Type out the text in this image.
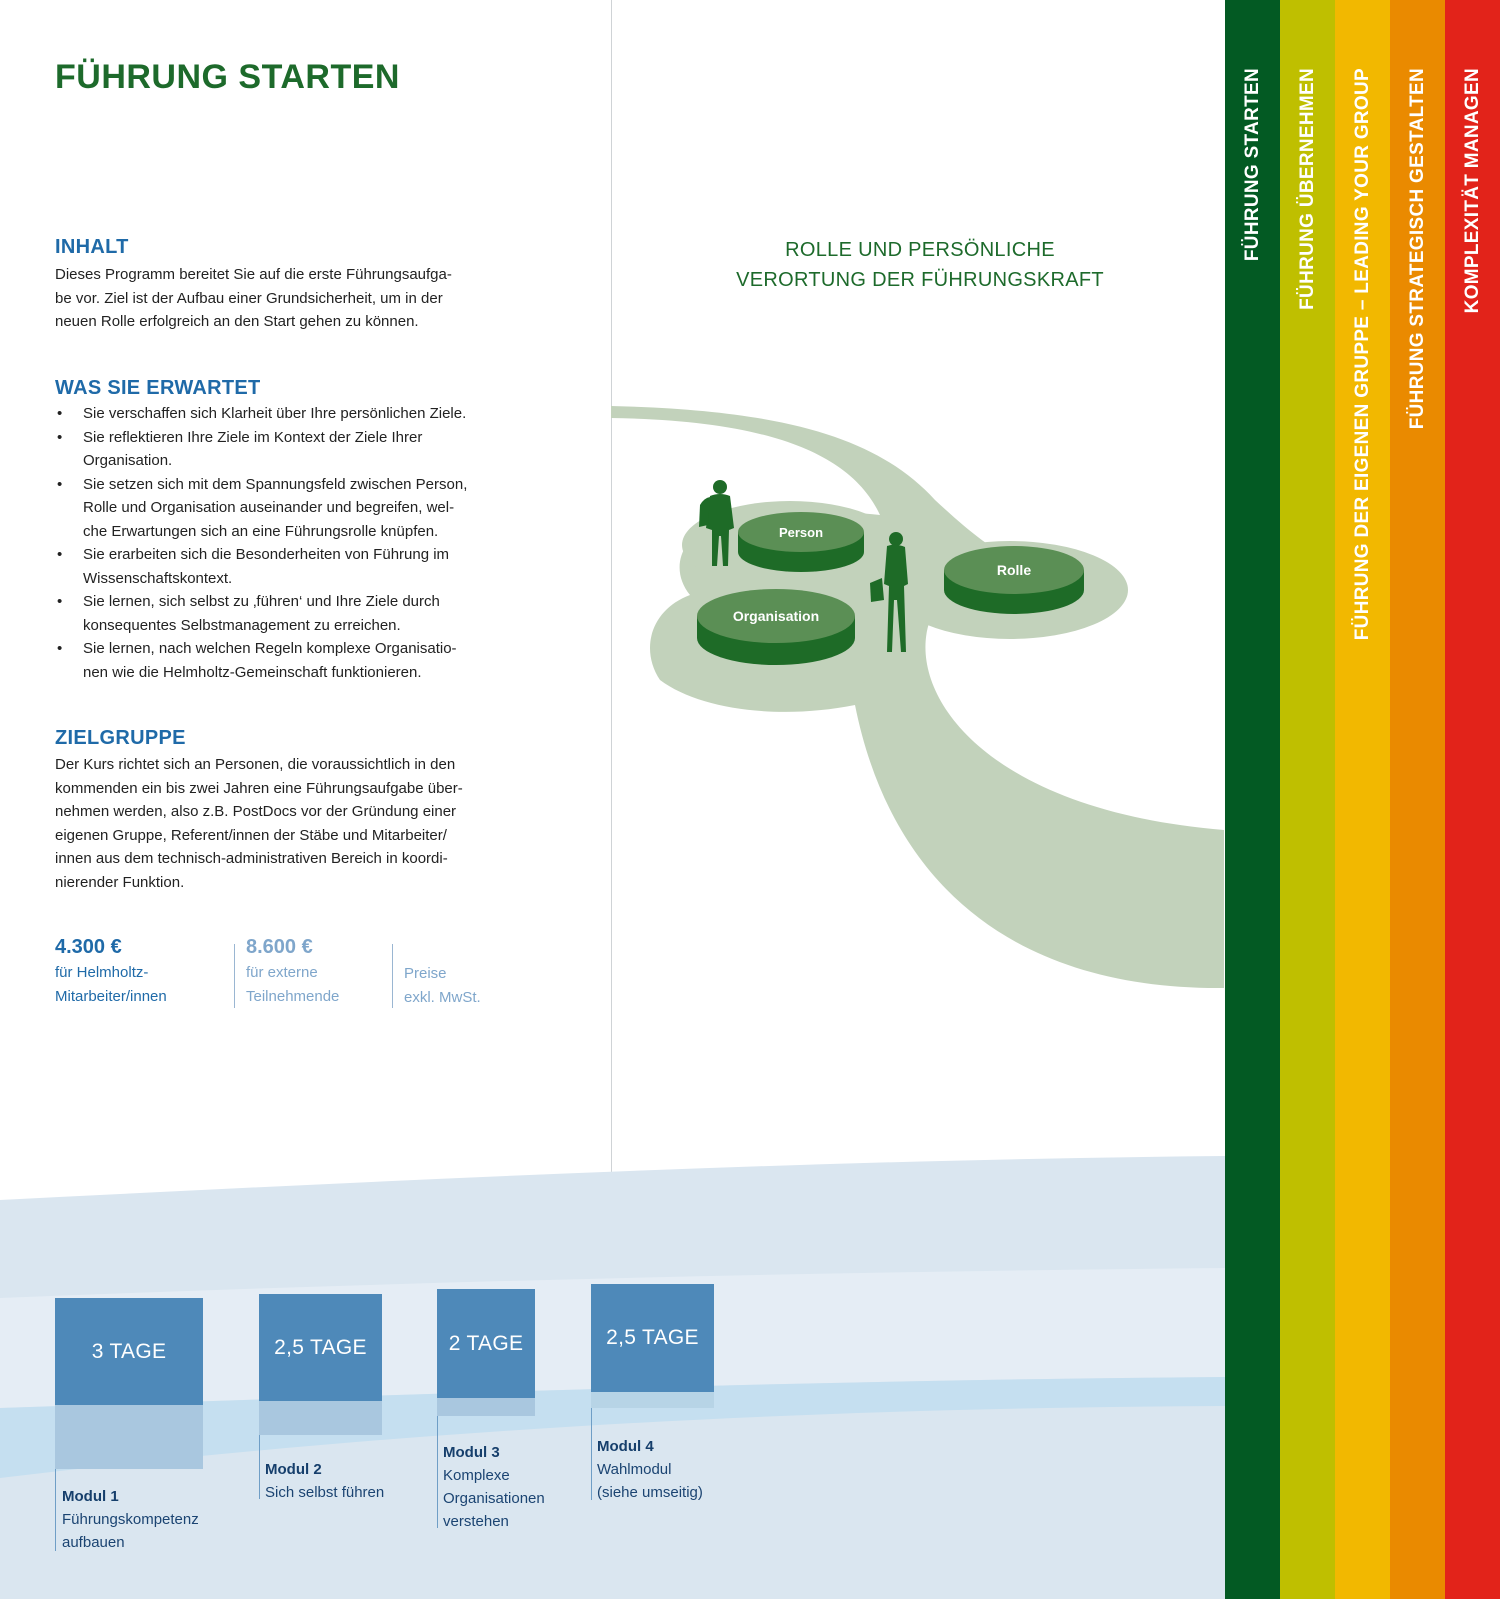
FÜHRUNG STARTEN
INHALT
Dieses Programm bereitet Sie auf die erste Führungsaufga-
be vor. Ziel ist der Aufbau einer Grundsicherheit, um in der
neuen Rolle erfolgreich an den Start gehen zu können.
WAS SIE ERWARTET
• Sie verschaffen sich Klarheit über Ihre persönlichen Ziele.
• Sie reflektieren Ihre Ziele im Kontext der Ziele Ihrer
Organisation.
• Sie setzen sich mit dem Spannungsfeld zwischen Person,
Rolle und Organisation auseinander und begreifen, wel-
che Erwartungen sich an eine Führungsrolle knüpfen.
• Sie erarbeiten sich die Besonderheiten von Führung im
Wissenschaftskontext.
• Sie lernen, sich selbst zu ‚führen‘ und Ihre Ziele durch
konsequentes Selbstmanagement zu erreichen.
• Sie lernen, nach welchen Regeln komplexe Organisatio-
nen wie die Helmholtz-Gemeinschaft funktionieren.
ZIELGRUPPE
Der Kurs richtet sich an Personen, die voraussichtlich in den
kommenden ein bis zwei Jahren eine Führungsaufgabe über-
nehmen werden, also z.B. PostDocs vor der Gründung einer
eigenen Gruppe, Referent/innen der Stäbe und Mitarbeiter/
innen aus dem technisch-administrativen Bereich in koordi-
nierender Funktion.
4.300 €
für Helmholtz-
Mitarbeiter/innen
8.600 €
für externe
Teilnehmende
Preise
exkl. MwSt.
ROLLE UND PERSÖNLICHE
VERORTUNG DER FÜHRUNGSKRAFT
Person
Organisation
Rolle
FÜHRUNG STARTEN FÜHRUNG ÜBERNEHMEN FÜHRUNG DER EIGENEN GRUPPE – LEADING YOUR GROUP FÜHRUNG STRATEGISCH GESTALTEN KOMPLEXITÄT MANAGEN
3 TAGE
Modul 1
Führungskompetenz
aufbauen
2,5 TAGE
Modul 2
Sich selbst führen
2 TAGE
Modul 3
Komplexe
Organisationen
verstehen
2,5 TAGE
Modul 4
Wahlmodul
(siehe umseitig)
